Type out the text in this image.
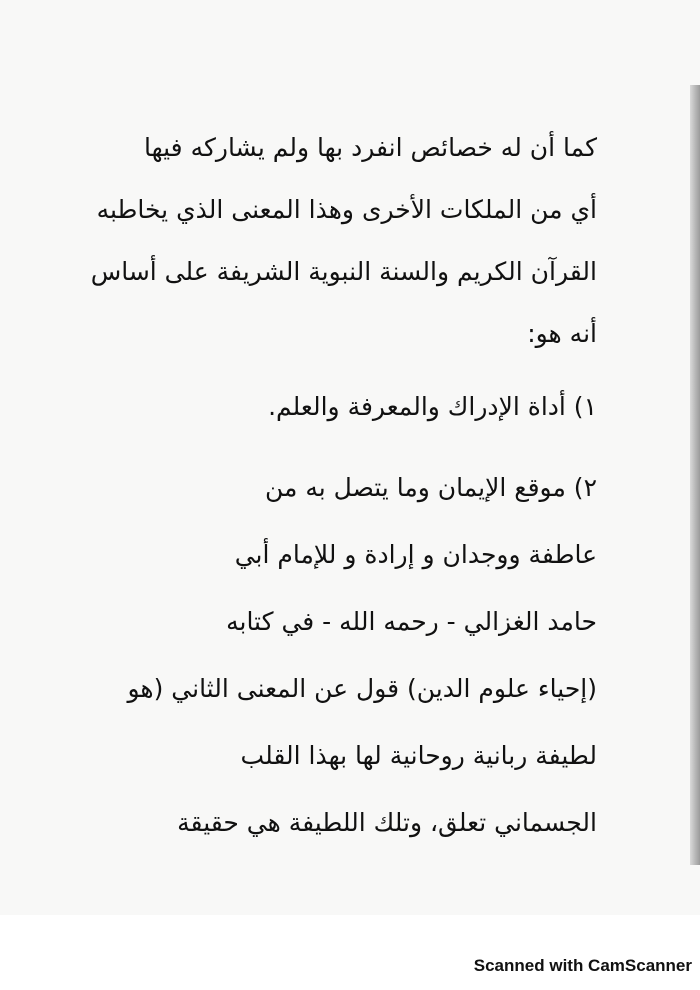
كما أن له خصائص انفرد بها ولم يشاركه فيها
أي من الملكات الأخرى وهذا المعنى الذي يخاطبه
القرآن الكريم والسنة النبوية الشريفة على أساس
أنه هو:
١) أداة الإدراك والمعرفة والعلم.
٢) موقع الإيمان وما يتصل به من
عاطفة ووجدان و إرادة و للإمام أبي
حامد الغزالي - رحمه الله - في كتابه
(إحياء علوم الدين) قول عن المعنى الثاني (هو
لطيفة ربانية روحانية لها بهذا القلب
الجسماني تعلق، وتلك اللطيفة هي حقيقة
Scanned with CamScanner
